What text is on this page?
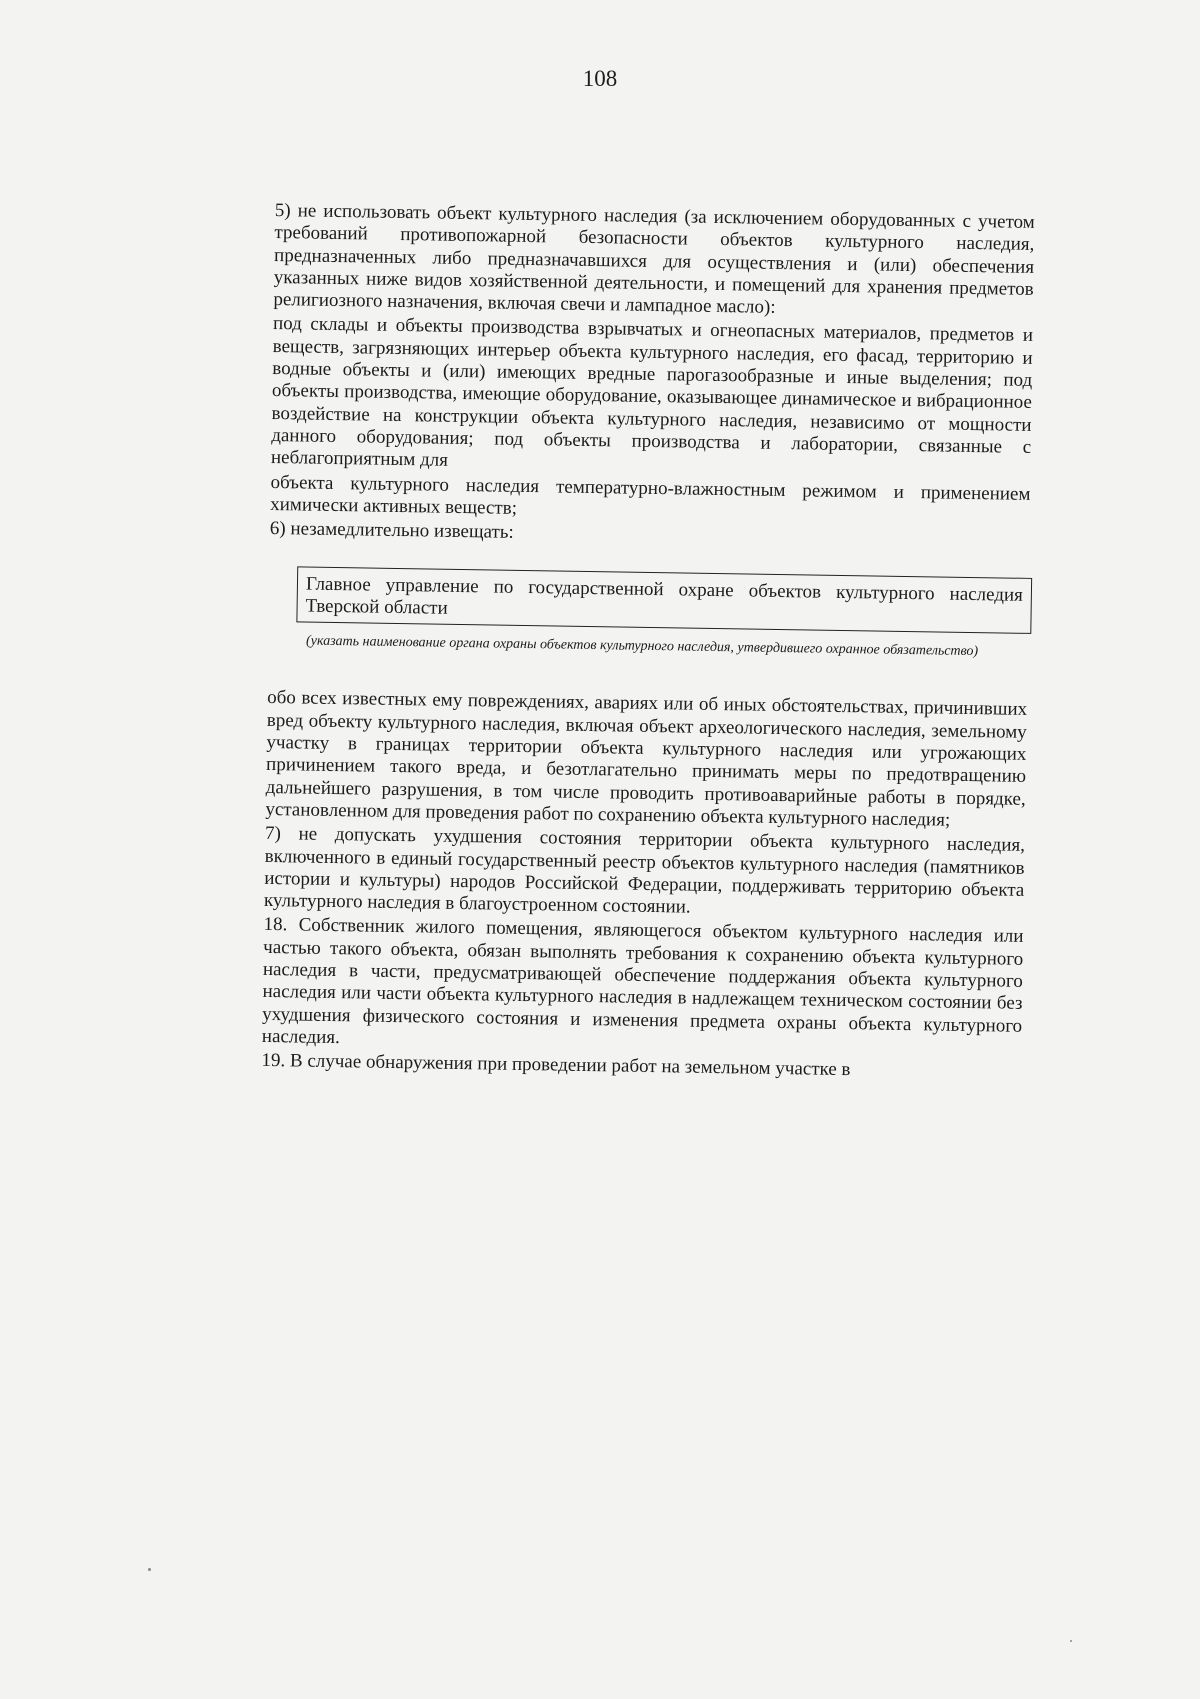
108

5) не использовать объект культурного наследия (за исключением оборудованных с учетом требований противопожарной безопасности объектов культурного наследия, предназначенных либо предназначавшихся для осуществления и (или) обеспечения указанных ниже видов хозяйственной деятельности, и помещений для хранения предметов религиозного назначения, включая свечи и лампадное масло):

под склады и объекты производства взрывчатых и огнеопасных материалов, предметов и веществ, загрязняющих интерьер объекта культурного наследия, его фасад, территорию и водные объекты и (или) имеющих вредные парогазообразные и иные выделения; под объекты производства, имеющие оборудование, оказывающее динамическое и вибрационное воздействие на конструкции объекта культурного наследия, независимо от мощности данного оборудования; под объекты производства и лаборатории, связанные с неблагоприятным для

объекта культурного наследия температурно-влажностным режимом и применением химически активных веществ;

6) незамедлительно извещать:

Главное управление по государственной охране объектов культурного наследия Тверской области
(указать наименование органа охраны объектов культурного наследия, утвердившего охранное обязательство)

обо всех известных ему повреждениях, авариях или об иных обстоятельствах, причинивших вред объекту культурного наследия, включая объект археологического наследия, земельному участку в границах территории объекта культурного наследия или угрожающих причинением такого вреда, и безотлагательно принимать меры по предотвращению дальнейшего разрушения, в том числе проводить противоаварийные работы в порядке, установленном для проведения работ по сохранению объекта культурного наследия;

7) не допускать ухудшения состояния территории объекта культурного наследия, включенного в единый государственный реестр объектов культурного наследия (памятников истории и культуры) народов Российской Федерации, поддерживать территорию объекта культурного наследия в благоустроенном состоянии.

18. Собственник жилого помещения, являющегося объектом культурного наследия или частью такого объекта, обязан выполнять требования к сохранению объекта культурного наследия в части, предусматривающей обеспечение поддержания объекта культурного наследия или части объекта культурного наследия в надлежащем техническом состоянии без ухудшения физического состояния и изменения предмета охраны объекта культурного наследия.

19. В случае обнаружения при проведении работ на земельном участке в
